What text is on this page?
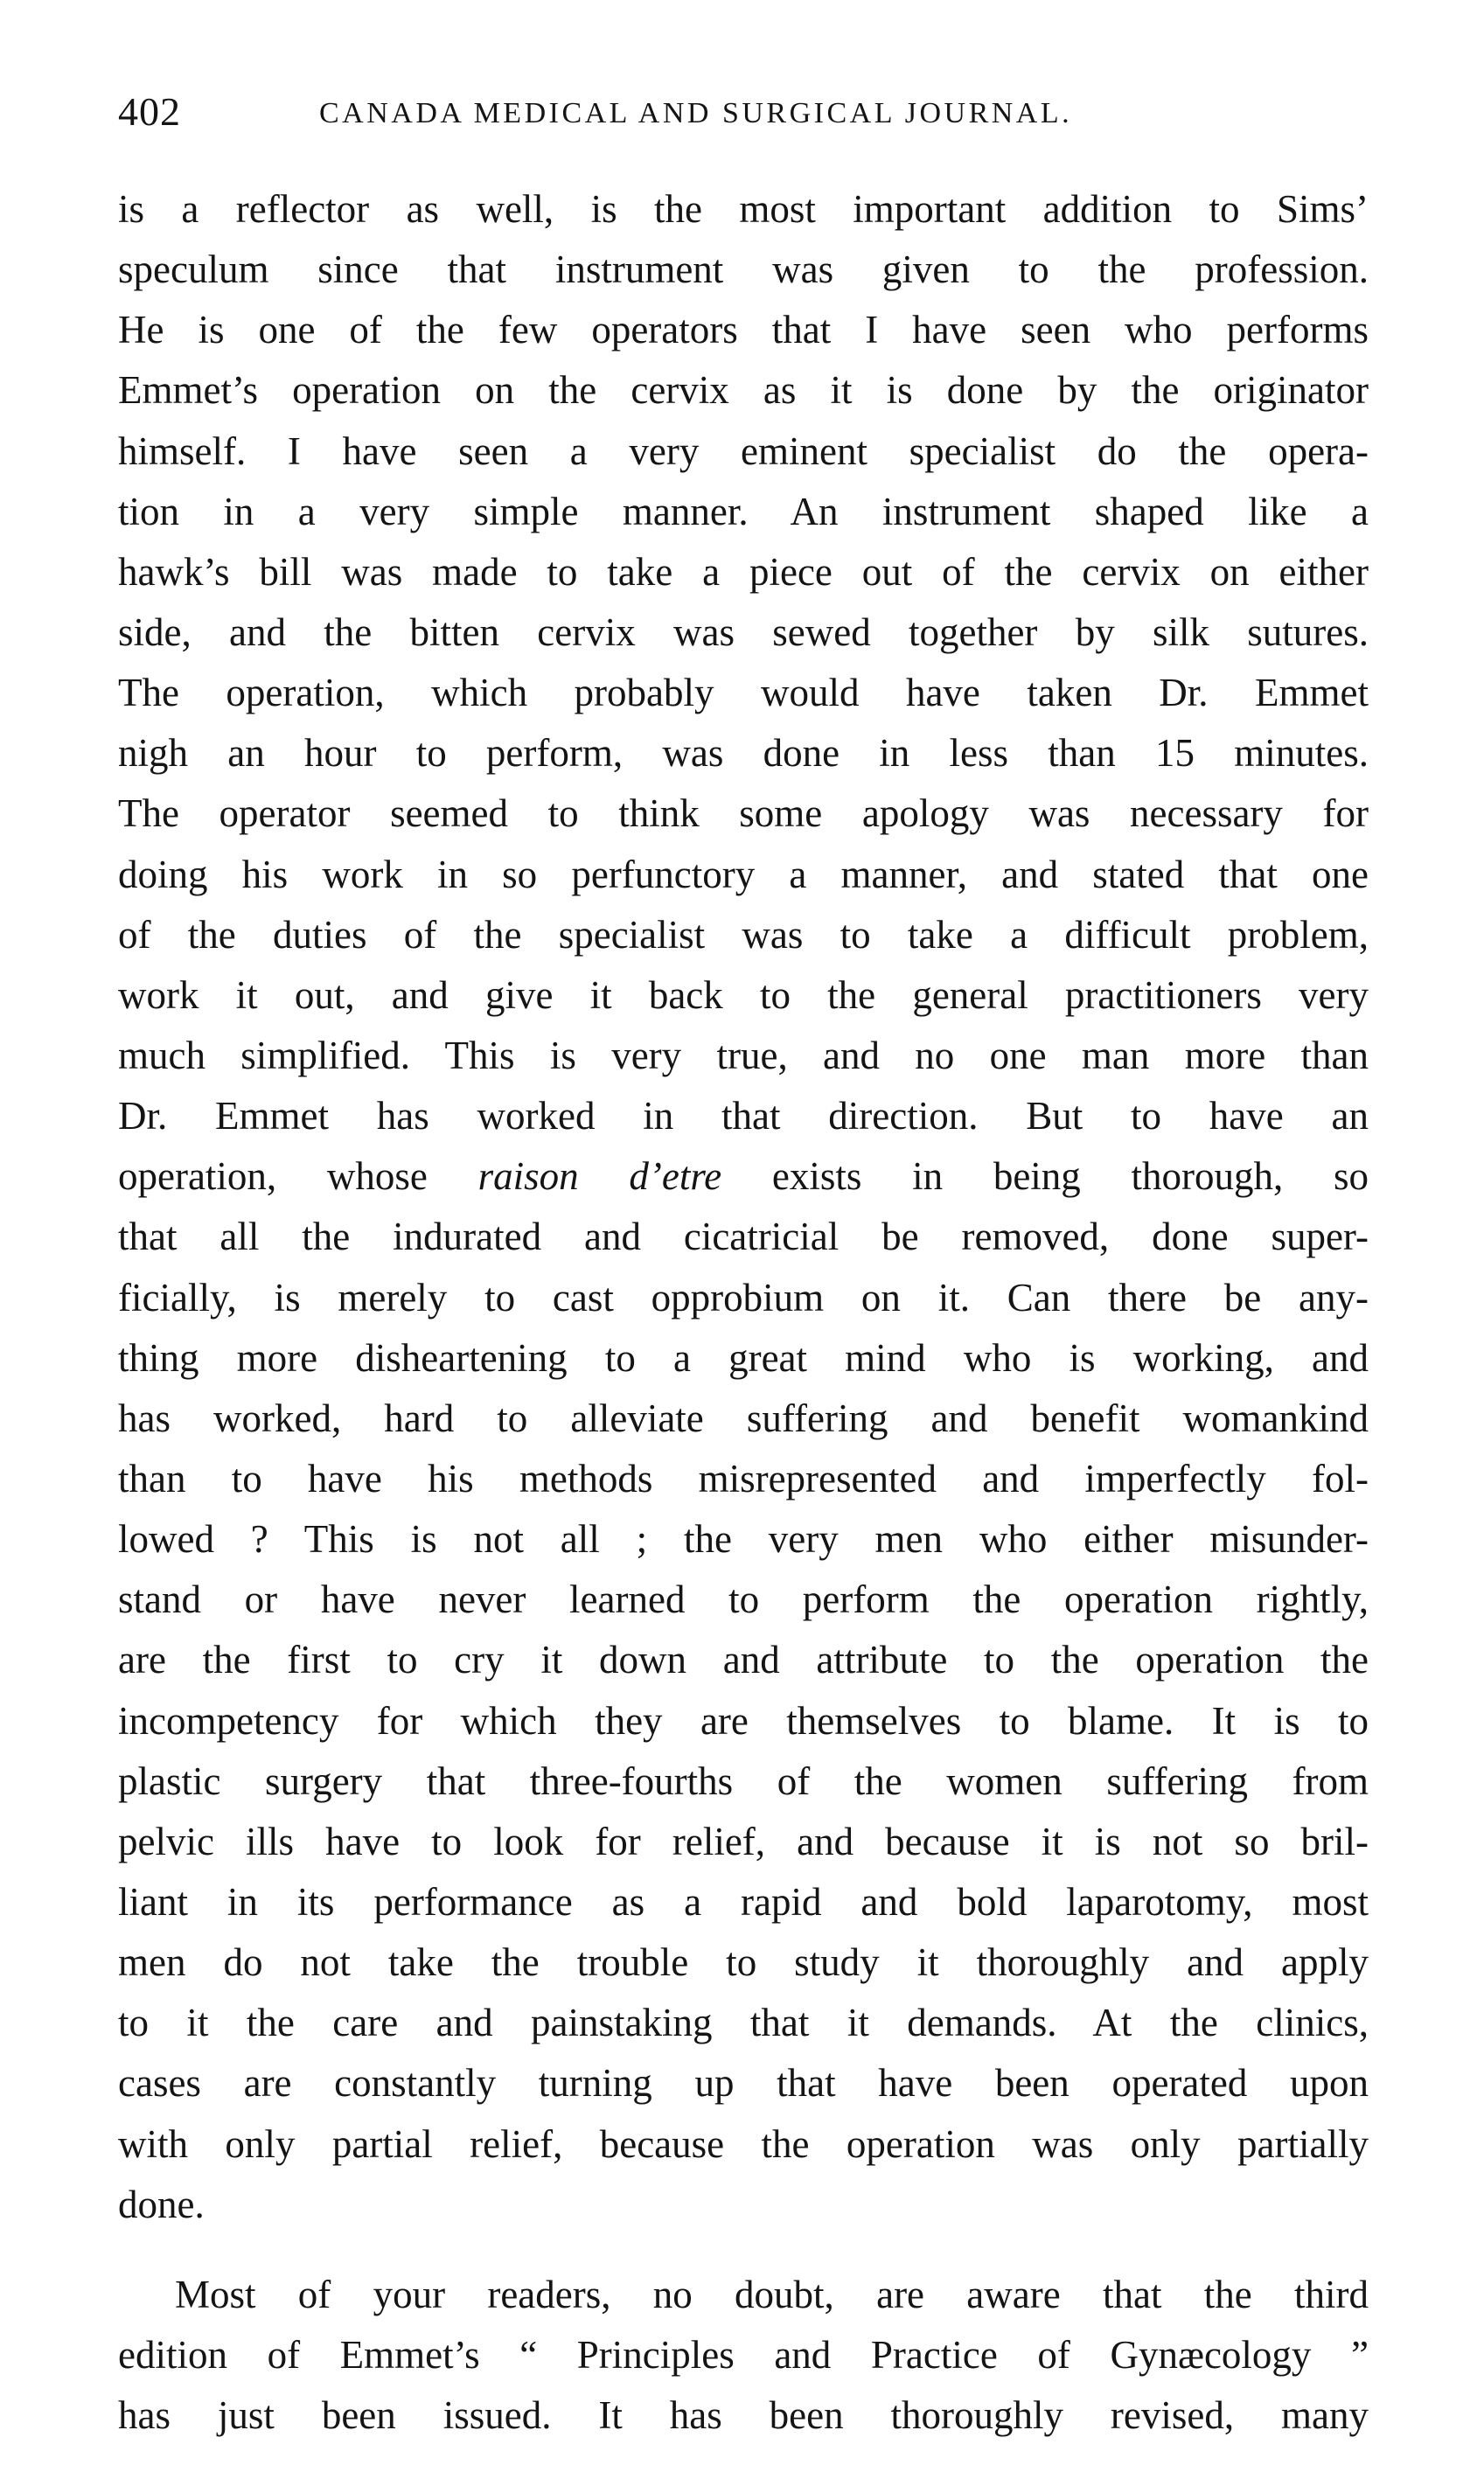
402	CANADA MEDICAL AND SURGICAL JOURNAL.
is a reflector as well, is the most important addition to Sims’
speculum since that instrument was given to the profession.
He is one of the few operators that I have seen who performs
Emmet’s operation on the cervix as it is done by the originator
himself. I have seen a very eminent specialist do the opera-
tion in a very simple manner. An instrument shaped like a
hawk’s bill was made to take a piece out of the cervix on either
side, and the bitten cervix was sewed together by silk sutures.
The operation, which probably would have taken Dr. Emmet
nigh an hour to perform, was done in less than 15 minutes.
The operator seemed to think some apology was necessary for
doing his work in so perfunctory a manner, and stated that one
of the duties of the specialist was to take a difficult problem,
work it out, and give it back to the general practitioners very
much simplified. This is very true, and no one man more than
Dr. Emmet has worked in that direction. But to have an
operation, whose raison d’etre exists in being thorough, so
that all the indurated and cicatricial be removed, done super-
ficially, is merely to cast opprobium on it. Can there be any-
thing more disheartening to a great mind who is working, and
has worked, hard to alleviate suffering and benefit womankind
than to have his methods misrepresented and imperfectly fol-
lowed ? This is not all ; the very men who either misunder-
stand or have never learned to perform the operation rightly,
are the first to cry it down and attribute to the operation the
incompetency for which they are themselves to blame. It is to
plastic surgery that three-fourths of the women suffering from
pelvic ills have to look for relief, and because it is not so bril-
liant in its performance as a rapid and bold laparotomy, most
men do not take the trouble to study it thoroughly and apply
to it the care and painstaking that it demands. At the clinics,
cases are constantly turning up that have been operated upon
with only partial relief, because the operation was only partially
done.
Most of your readers, no doubt, are aware that the third
edition of Emmet’s “ Principles and Practice of Gynæcology ”
has just been issued. It has been thoroughly revised, many
